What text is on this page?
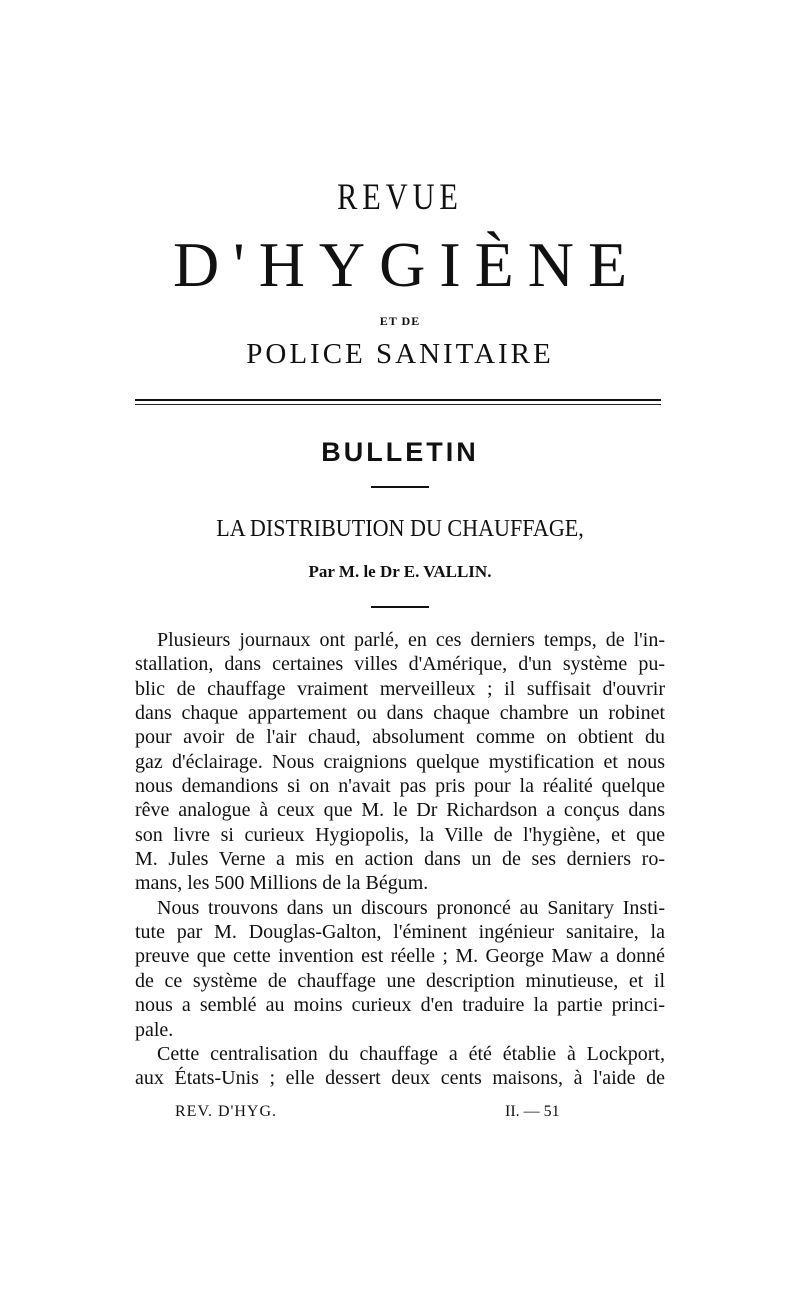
REVUE
D'HYGIÈNE
ET DE
POLICE SANITAIRE
BULLETIN
LA DISTRIBUTION DU CHAUFFAGE,
Par M. le Dr E. VALLIN.
Plusieurs journaux ont parlé, en ces derniers temps, de l'in-
stallation, dans certaines villes d'Amérique, d'un système pu-
blic de chauffage vraiment merveilleux ; il suffisait d'ouvrir
dans chaque appartement ou dans chaque chambre un robinet
pour avoir de l'air chaud, absolument comme on obtient du
gaz d'éclairage. Nous craignions quelque mystification et nous
nous demandions si on n'avait pas pris pour la réalité quelque
rêve analogue à ceux que M. le Dr Richardson a conçus dans
son livre si curieux Hygiopolis, la Ville de l'hygiène, et que
M. Jules Verne a mis en action dans un de ses derniers ro-
mans, les 500 Millions de la Bégum.
Nous trouvons dans un discours prononcé au Sanitary Insti-
tute par M. Douglas-Galton, l'éminent ingénieur sanitaire, la
preuve que cette invention est réelle ; M. George Maw a donné
de ce système de chauffage une description minutieuse, et il
nous a semblé au moins curieux d'en traduire la partie princi-
pale.
Cette centralisation du chauffage a été établie à Lockport,
aux États-Unis ; elle dessert deux cents maisons, à l'aide de
REV. D'HYG.	II. — 51
